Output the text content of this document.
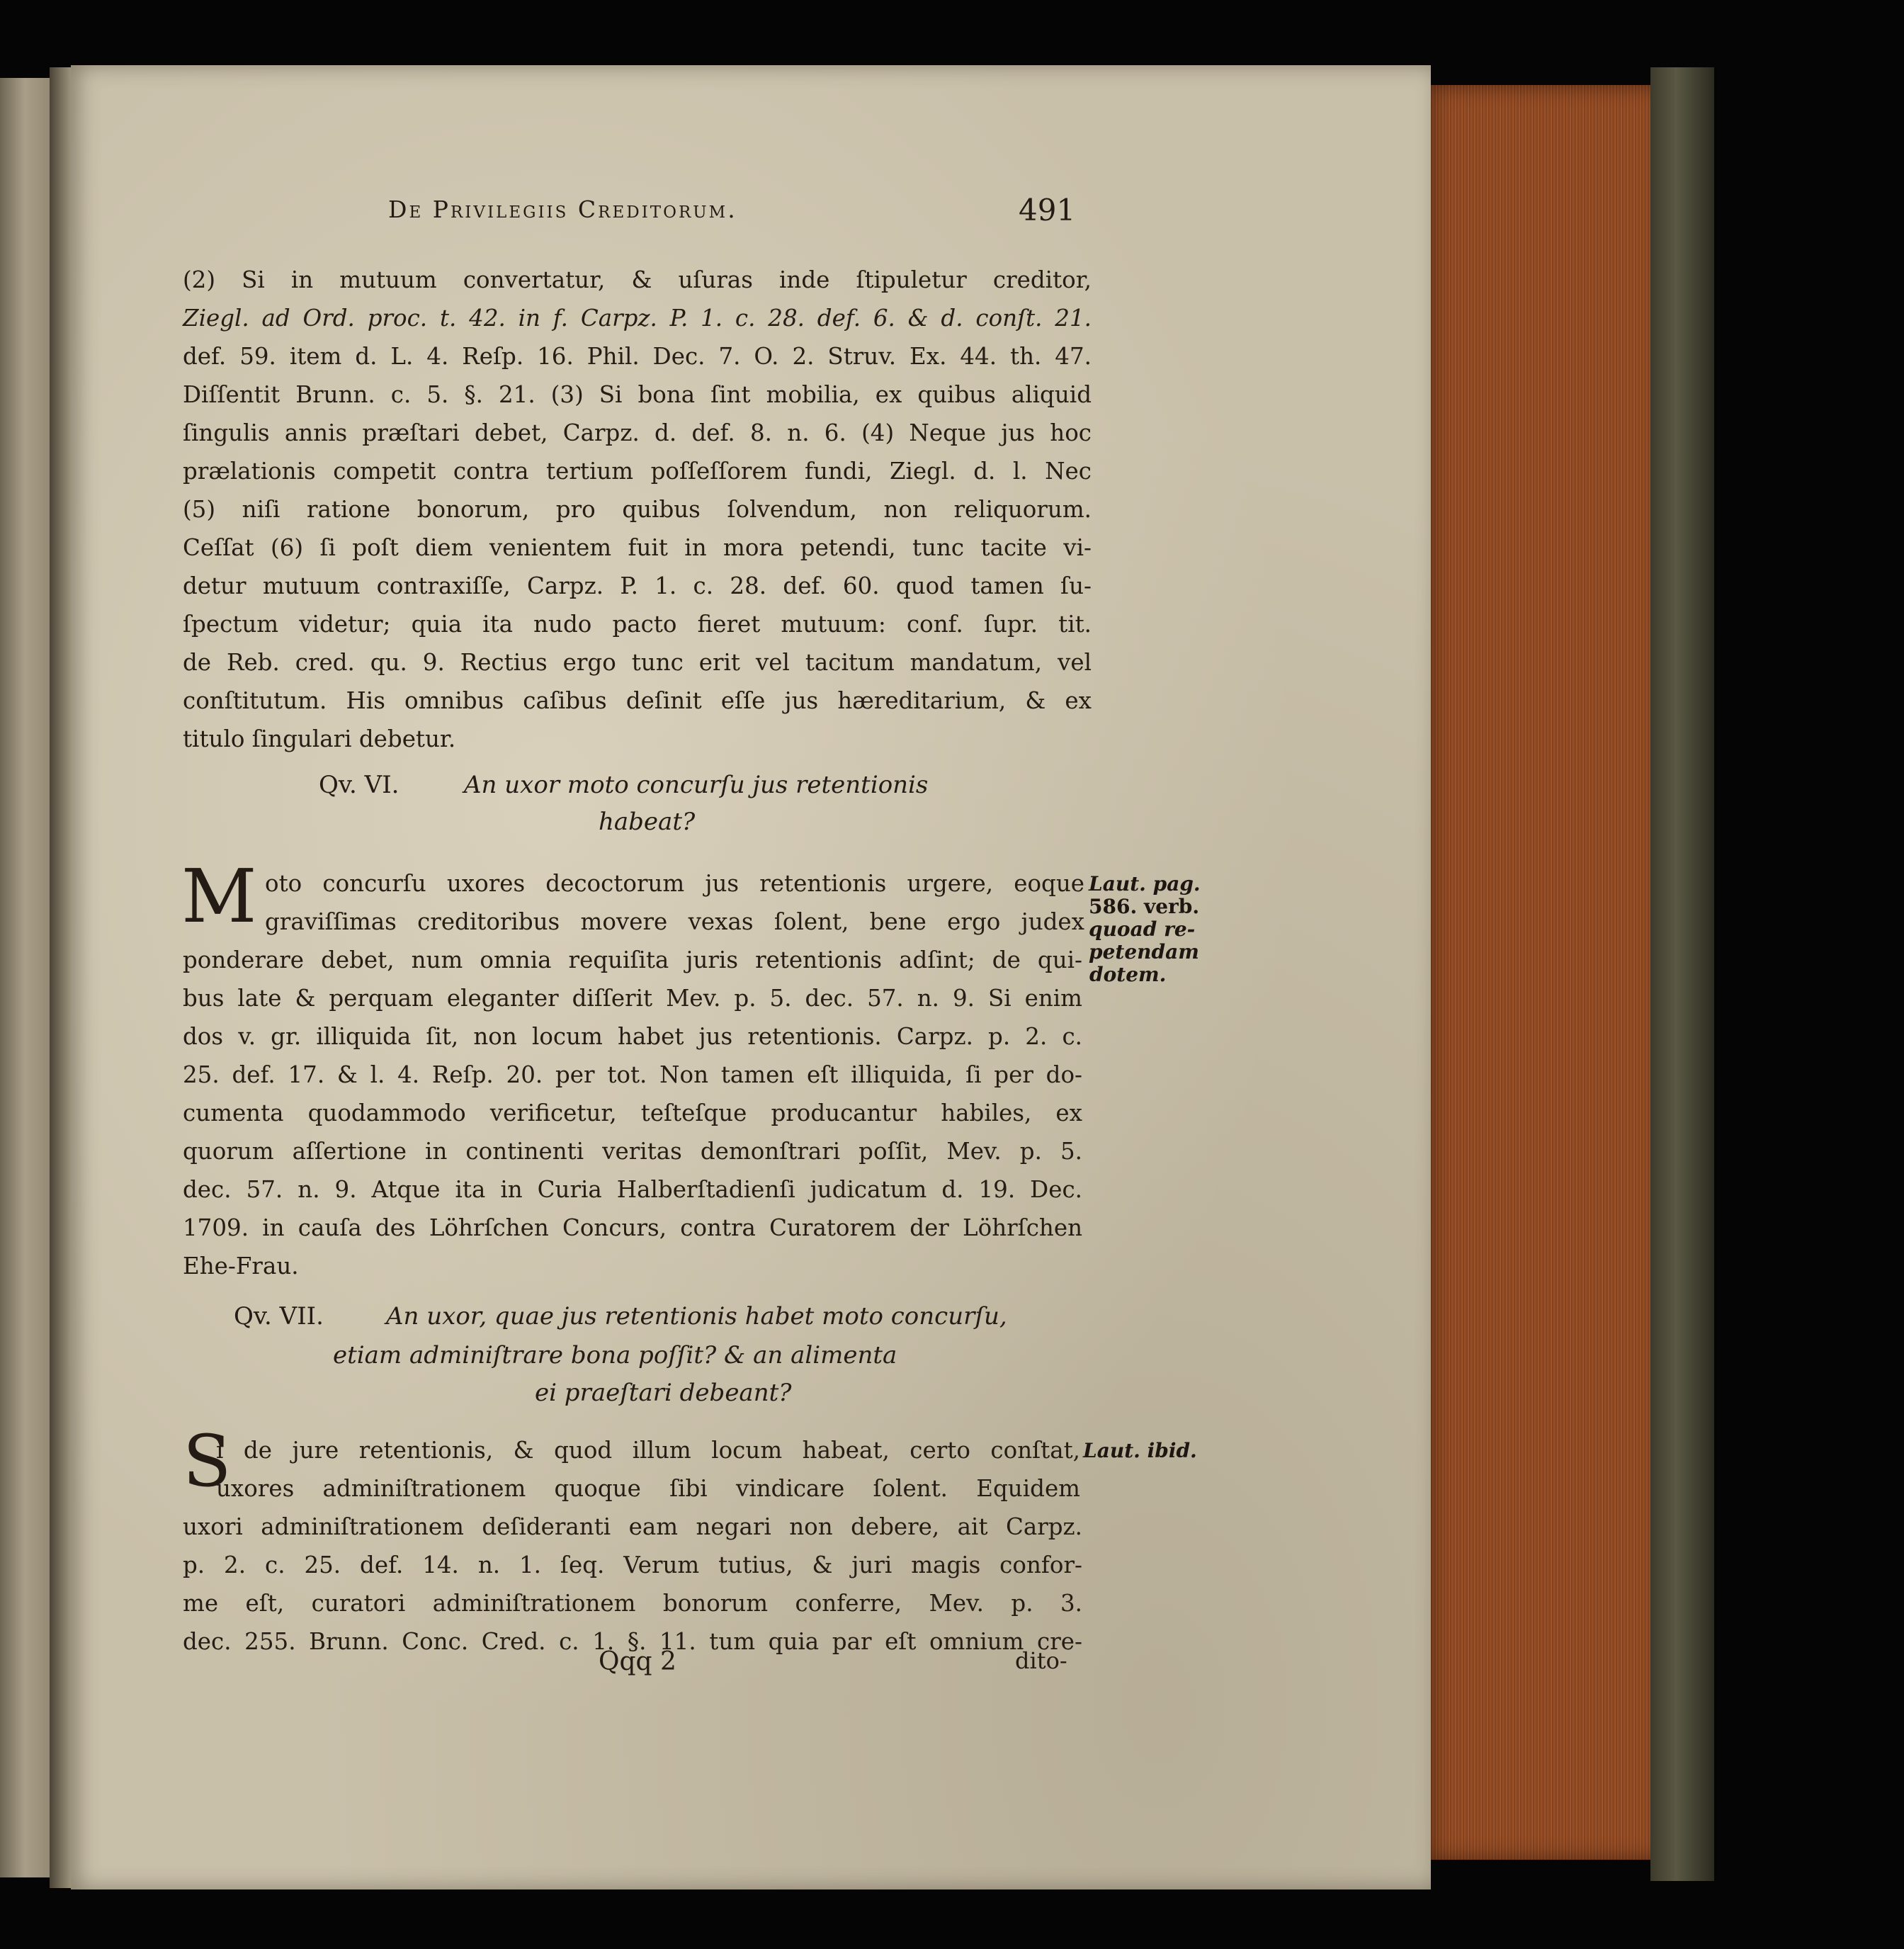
De Privilegiis Creditorum.	491
(2) Si in mutuum convertatur, & uſuras inde ſtipuletur creditor,
Ziegl. ad Ord. proc. t. 42. in f. Carpz. P. 1. c. 28. def. 6. & d. conſt. 21.
def. 59. item d. L. 4. Reſp. 16. Phil. Dec. 7. O. 2. Struv. Ex. 44. th. 47.
Diſſentit Brunn. c. 5. §. 21. (3) Si bona ſint mobilia, ex quibus aliquid
ſingulis annis præſtari debet, Carpz. d. def. 8. n. 6. (4) Neque jus hoc
prælationis competit contra tertium poſſeſſorem fundi, Ziegl. d. l. Nec
(5) niſi ratione bonorum, pro quibus ſolvendum, non reliquorum.
Ceſſat (6) ſi poſt diem venientem fuit in mora petendi, tunc tacite vi-
detur mutuum contraxiſſe, Carpz. P. 1. c. 28. def. 60. quod tamen ſu-
ſpectum videtur; quia ita nudo pacto fieret mutuum: conf. ſupr. tit.
de Reb. cred. qu. 9. Rectius ergo tunc erit vel tacitum mandatum, vel
conſtitutum. His omnibus caſibus deſinit eſſe jus hæreditarium, & ex
titulo ſingulari debetur.
Qv. VI.	An uxor moto concurſu jus retentionis
habeat?
M oto concurſu uxores decoctorum jus retentionis urgere, eoque
graviſſimas creditoribus movere vexas ſolent, bene ergo judex
ponderare debet, num omnia requiſita juris retentionis adſint; de qui-
bus late & perquam eleganter diſſerit Mev. p. 5. dec. 57. n. 9. Si enim
dos v. gr. illiquida ſit, non locum habet jus retentionis. Carpz. p. 2. c.
25. def. 17. & l. 4. Reſp. 20. per tot. Non tamen eſt illiquida, ſi per do-
cumenta quodammodo verificetur, teſteſque producantur habiles, ex
quorum aſſertione in continenti veritas demonſtrari poſſit, Mev. p. 5.
dec. 57. n. 9. Atque ita in Curia Halberſtadienſi judicatum d. 19. Dec.
1709. in cauſa des Löhrſchen Concurs, contra Curatorem der Löhrſchen
Ehe-Frau.
Laut. pag.
586. verb.
quoad re-
petendam
dotem.
Qv. VII.	An uxor, quae jus retentionis habet moto concurſu,
etiam adminiſtrare bona poſſit? & an alimenta
ei praeſtari debeant?
S
i de jure retentionis, & quod illum locum habeat, certo conſtat,
uxores adminiſtrationem quoque ſibi vindicare ſolent. Equidem
uxori adminiſtrationem deſideranti eam negari non debere, ait Carpz.
p. 2. c. 25. def. 14. n. 1. ſeq. Verum tutius, & juri magis confor-
me eſt, curatori adminiſtrationem bonorum conferre, Mev. p. 3.
dec. 255. Brunn. Conc. Cred. c. 1. §. 11. tum quia par eſt omnium cre-
Laut. ibid.
Qqq 2	dito-
